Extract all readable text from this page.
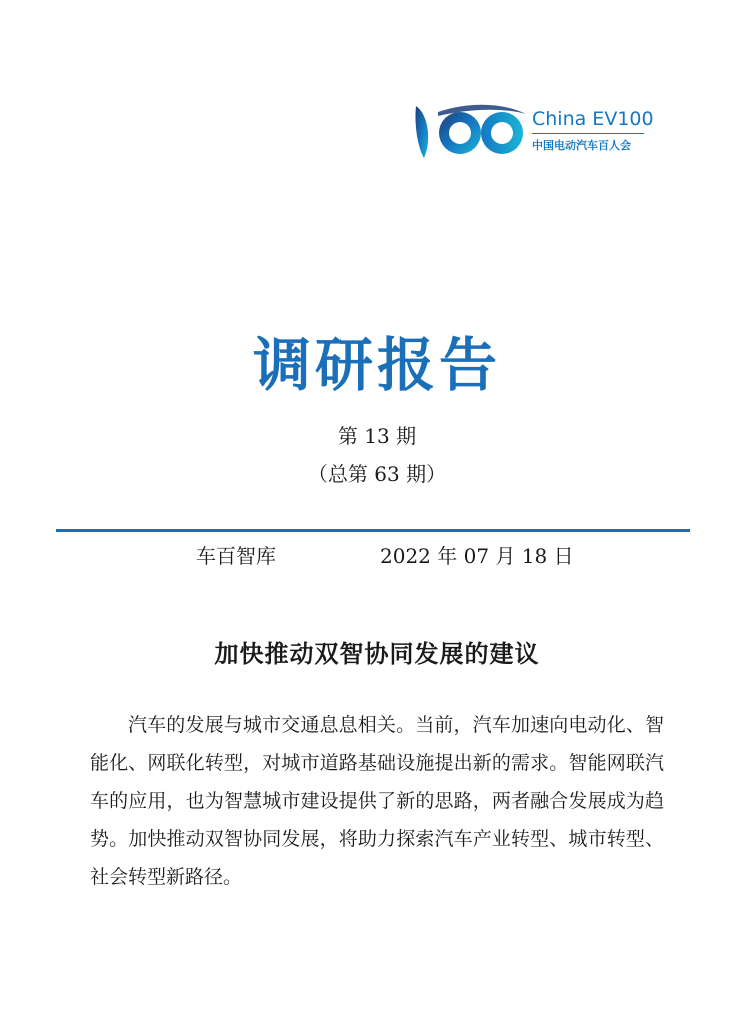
China EV100
中国电动汽车百人会
调研报告
第 13 期
（总第 63 期）
车百智库	2022 年 07 月 18 日
加快推动双智协同发展的建议

汽车的发展与城市交通息息相关。当前，汽车加速向电动化、智能化、网联化转型，对城市道路基础设施提出新的需求。智能网联汽车的应用，也为智慧城市建设提供了新的思路，两者融合发展成为趋势。加快推动双智协同发展，将助力探索汽车产业转型、城市转型、社会转型新路径。
